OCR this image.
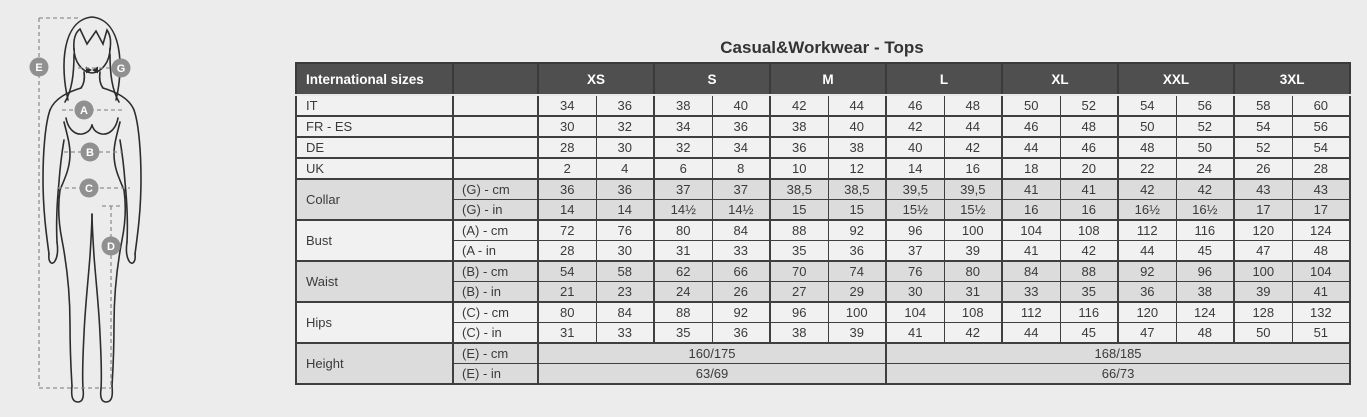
E	G
A
B
C
D
Casual&Workwear - Tops
International sizes		XS		S		M		L		XL		XXL		3XL	
IT		34	36	38	40	42	44	46	48	50	52	54	56	58	60
FR - ES		30	32	34	36	38	40	42	44	46	48	50	52	54	56
DE		28	30	32	34	36	38	40	42	44	46	48	50	52	54
UK		2	4	6	8	10	12	14	16	18	20	22	24	26	28
Collar	(G) - cm	36	36	37	37	38,5	38,5	39,5	39,5	41	41	42	42	43	43
	(G) - in	14	14	14½	14½	15	15	15½	15½	16	16	16½	16½	17	17
Bust	(A) - cm	72	76	80	84	88	92	96	100	104	108	112	116	120	124
	(A - in	28	30	31	33	35	36	37	39	41	42	44	45	47	48
Waist	(B) - cm	54	58	62	66	70	74	76	80	84	88	92	96	100	104
	(B) - in	21	23	24	26	27	29	30	31	33	35	36	38	39	41
Hips	(C) - cm	80	84	88	92	96	100	104	108	112	116	120	124	128	132
	(C) - in	31	33	35	36	38	39	41	42	44	45	47	48	50	51
Height	(E) - cm	160/175						168/185							
	(E) - in	63/69						66/73							
